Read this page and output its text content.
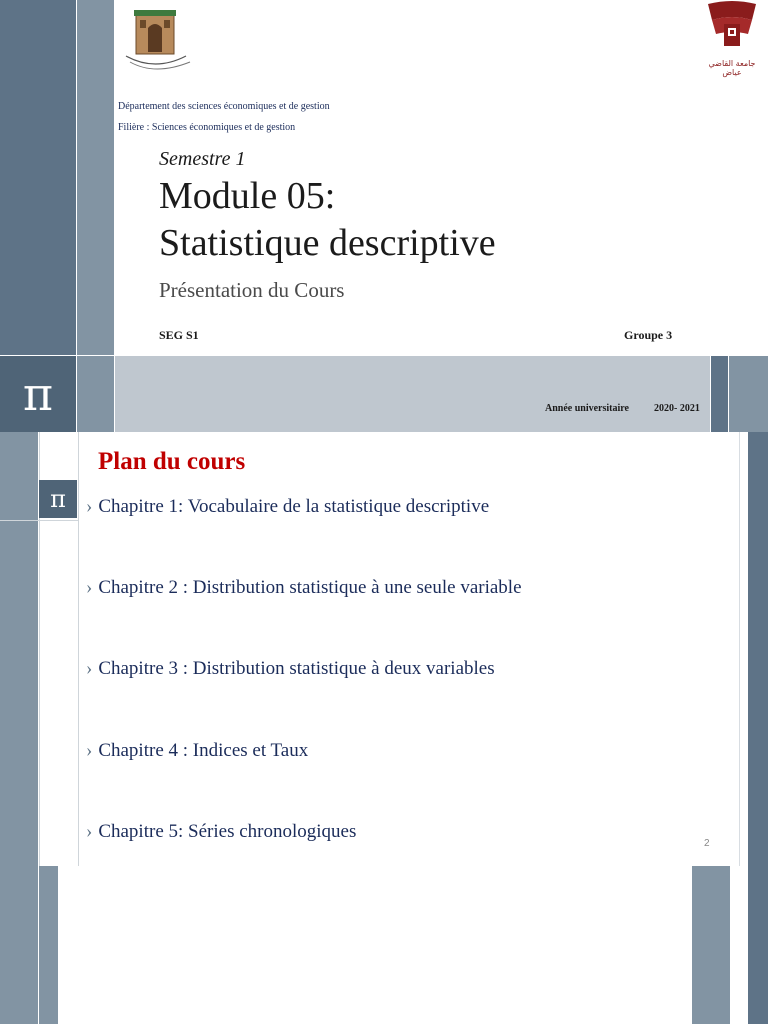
جامعة القاضي عياض
Département des sciences économiques et de gestion
Filière : Sciences économiques et de gestion
Semestre 1
Module 05:
Statistique descriptive
Présentation du Cours
SEG S1	Groupe 3
π	Année universitaire	2020- 2021
π
Plan du cours
› Chapitre 1: Vocabulaire de la statistique descriptive
› Chapitre 2 : Distribution statistique à une seule variable
› Chapitre 3 : Distribution statistique à deux variables
› Chapitre 4 : Indices et Taux
› Chapitre 5: Séries chronologiques
2
